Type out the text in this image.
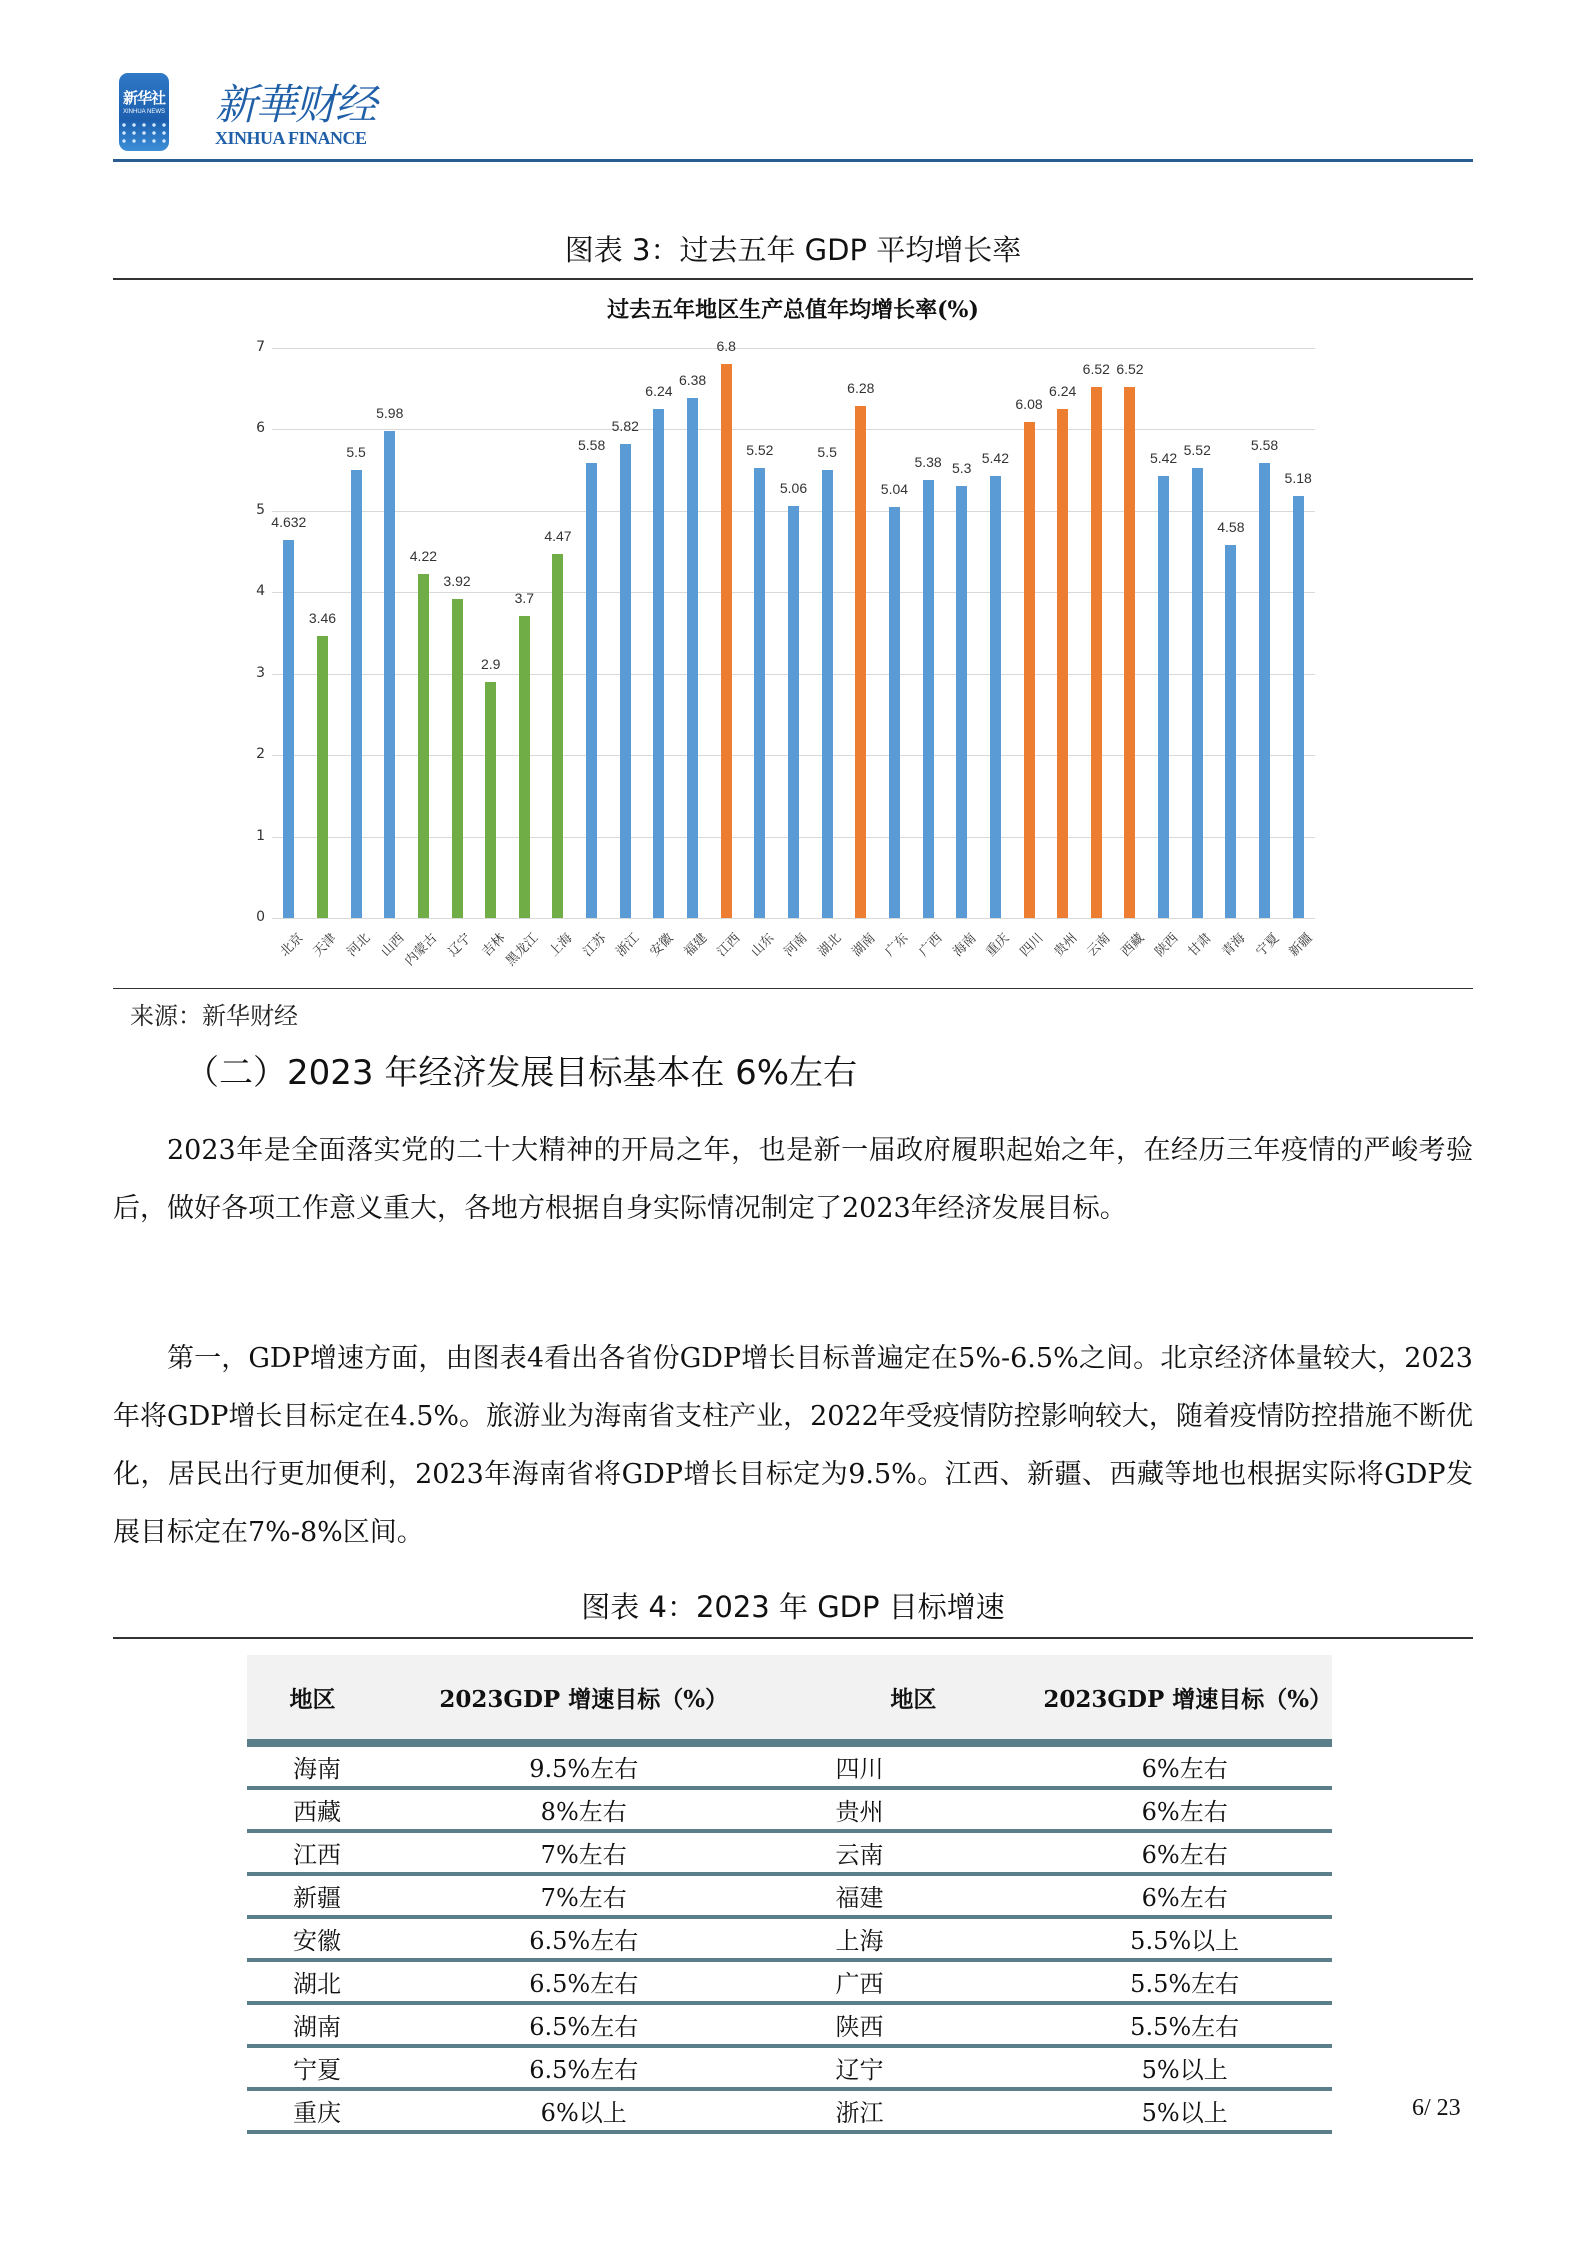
新华社
XINHUA NEWS 新華财经
XINHUA FINANCE
图表 3：过去五年 GDP 平均增长率
过去五年地区生产总值年均增长率(%)
0
1
2
3
4
5
6
7
4.632
北京
3.46
天津
5.5
河北
5.98
山西
4.22
内蒙古
3.92
辽宁
2.9
吉林
3.7
黑龙江
4.47
上海
5.58
江苏
5.82
浙江
6.24
安徽
6.38
福建
6.8
江西
5.52
山东
5.06
河南
5.5
湖北
6.28
湖南
5.04
广东
5.38
广西
5.3
海南
5.42
重庆
6.08
四川
6.24
贵州
6.52
云南
6.52
西藏
5.42
陕西
5.52
甘肃
4.58
青海
5.58
宁夏
5.18
新疆
来源：新华财经
（二）2023 年经济发展目标基本在 6%左右

2023年是全面落实党的二十大精神的开局之年，也是新一届政府履职起始之年，在经历三年疫情的严峻考验后，做好各项工作意义重大，各地方根据自身实际情况制定了2023年经济发展目标。

第一，GDP增速方面，由图表4看出各省份GDP增长目标普遍定在5%-6.5%之间。北京经济体量较大，2023年将GDP增长目标定在4.5%。旅游业为海南省支柱产业，2022年受疫情防控影响较大，随着疫情防控措施不断优化，居民出行更加便利，2023年海南省将GDP增长目标定为9.5%。江西、新疆、西藏等地也根据实际将GDP发展目标定在7%-8%区间。

图表 4：2023 年 GDP 目标增速
地区	2023GDP 增速目标（%）	地区	2023GDP 增速目标（%）
海南	9.5%左右	四川	6%左右
西藏	8%左右	贵州	6%左右
江西	7%左右	云南	6%左右
新疆	7%左右	福建	6%左右
安徽	6.5%左右	上海	5.5%以上
湖北	6.5%左右	广西	5.5%左右
湖南	6.5%左右	陕西	5.5%左右
宁夏	6.5%左右	辽宁	5%以上
重庆	6%以上	浙江	5%以上	6/ 23
